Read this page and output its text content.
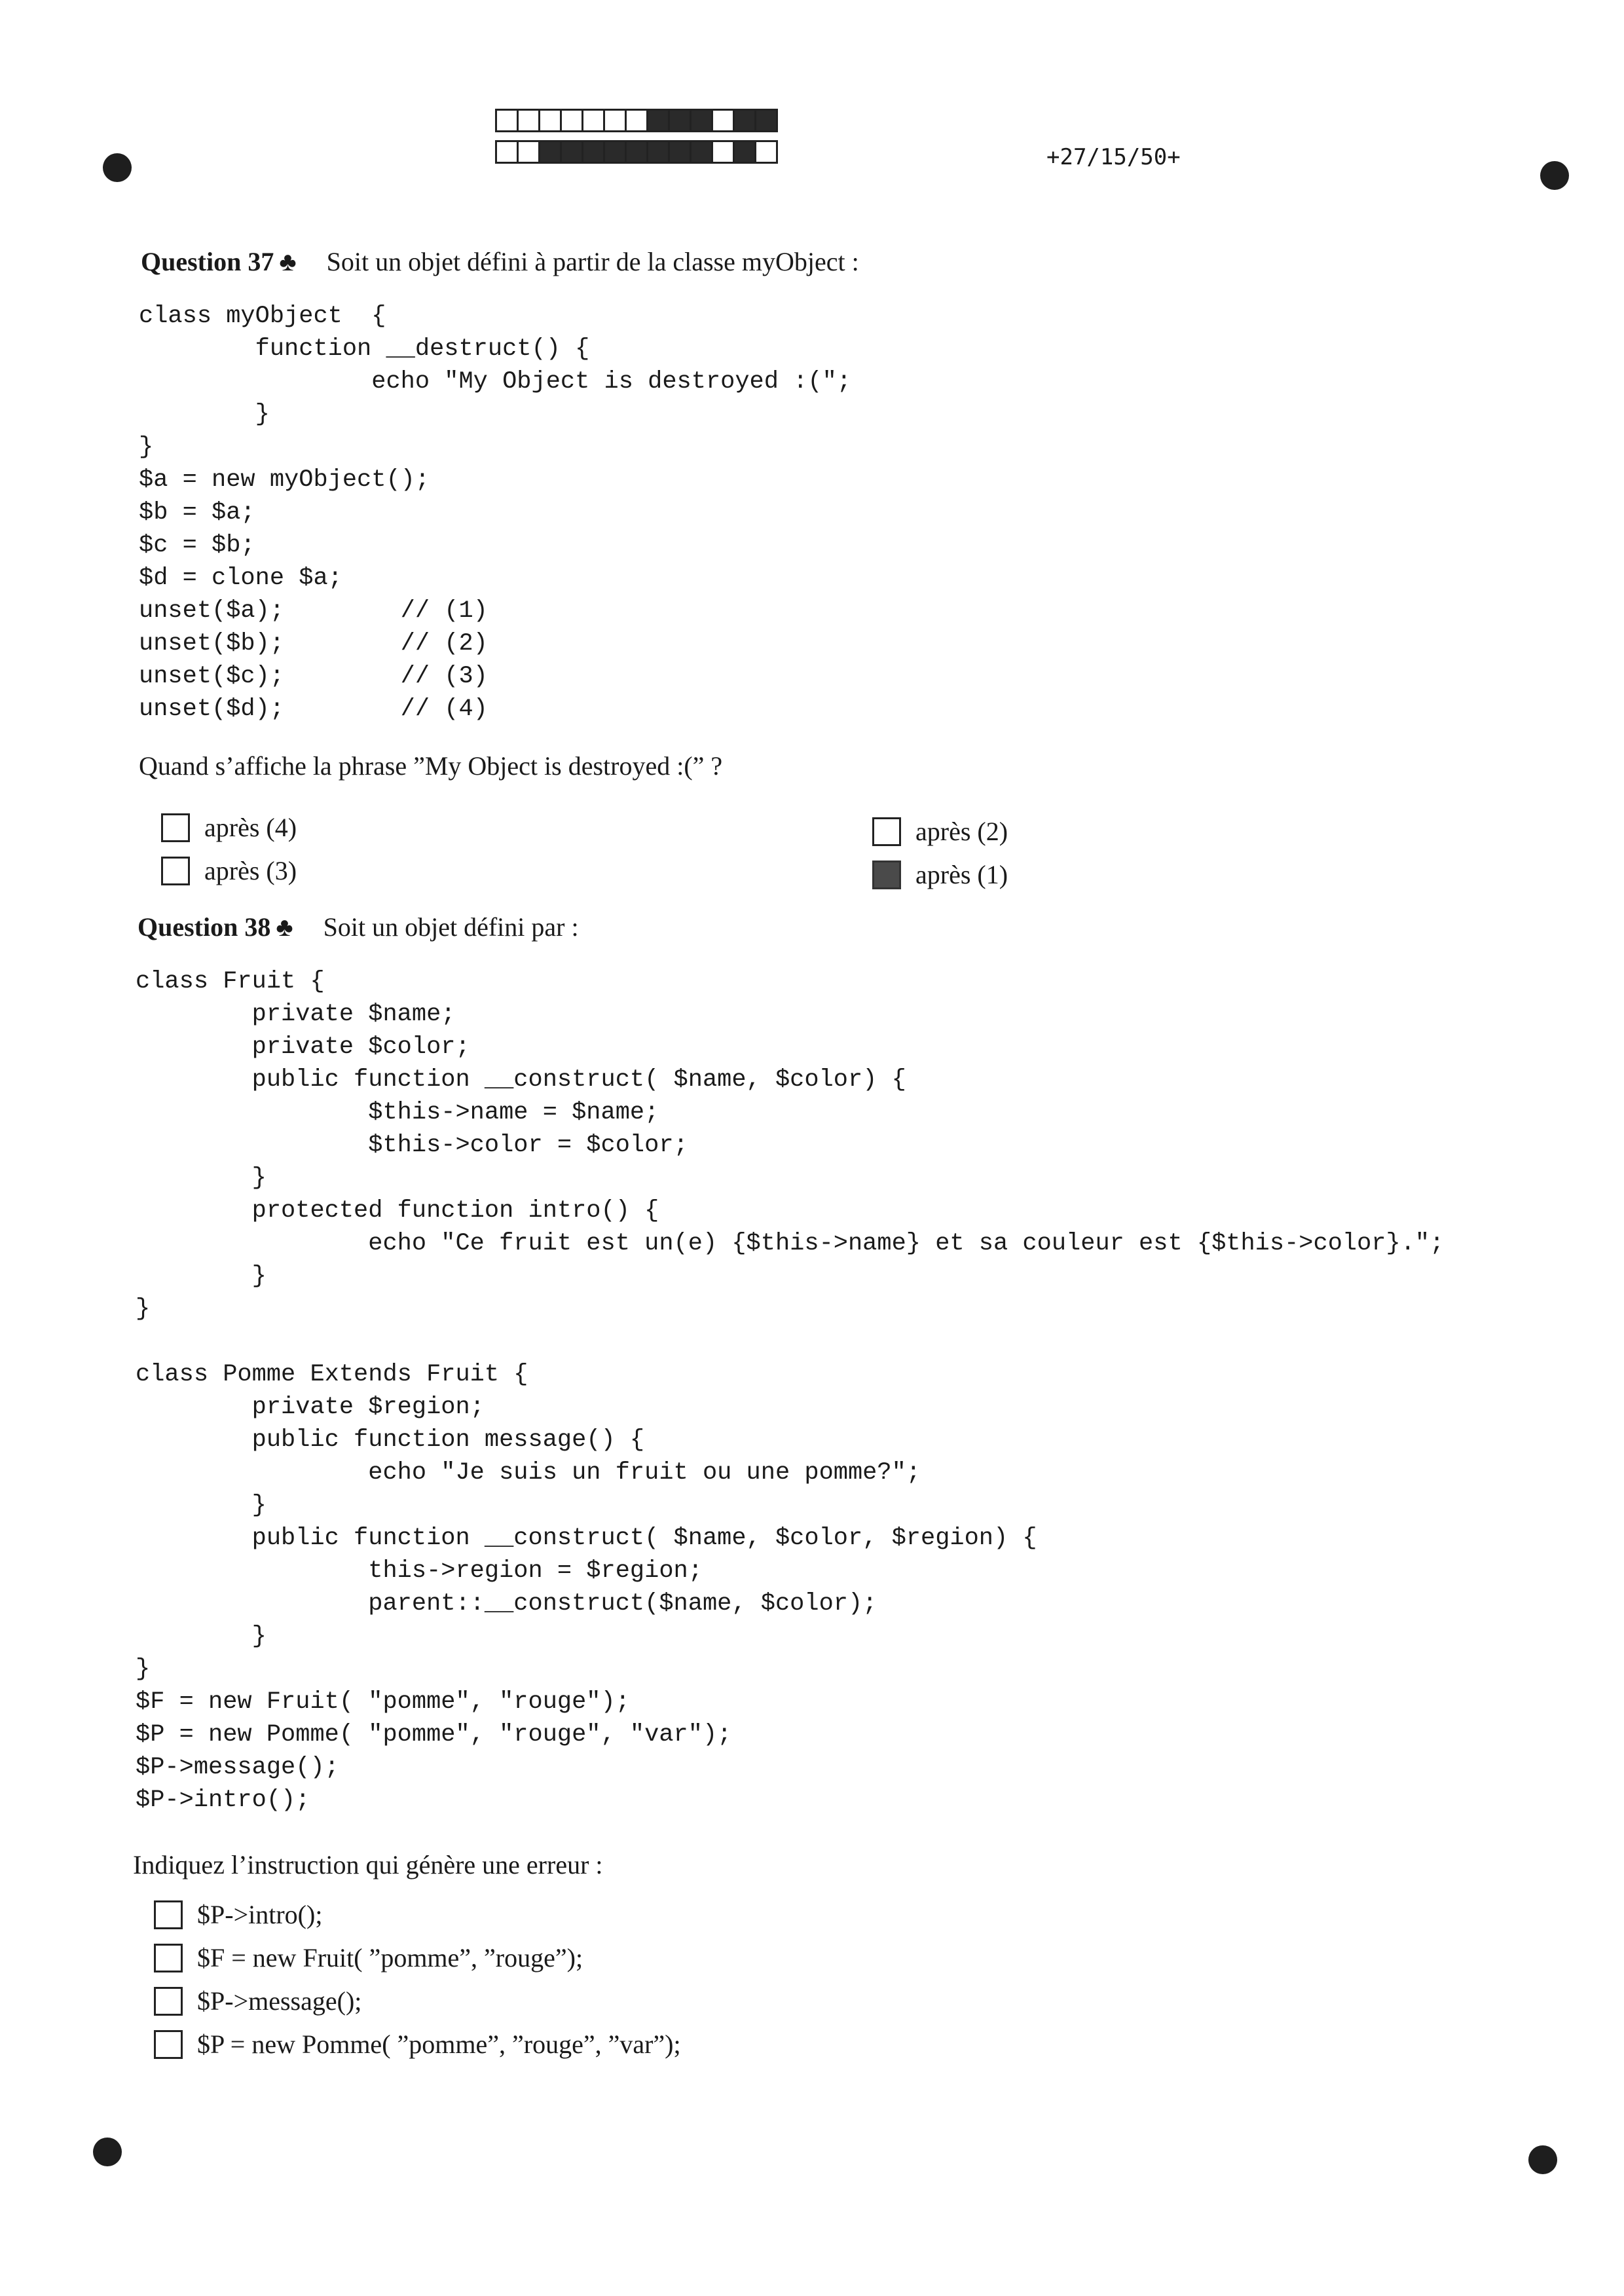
+27/15/50+
Question 37 ♣ Soit un objet défini à partir de la classe myObject :
class myObject  {
function __destruct() {
echo "My Object is destroyed :(";
}
}
$a = new myObject();
$b = $a;
$c = $b;
$d = clone $a;
unset($a);        // (1)
unset($b);        // (2)
unset($c);        // (3)
unset($d);        // (4)
Quand s’affiche la phrase ”My Object is destroyed :(” ?
après (4)
après (3)
après (2)
après (1)
Question 38 ♣ Soit un objet défini par :
class Fruit {
private $name;
private $color;
public function __construct( $name, $color) {
$this->name = $name;
$this->color = $color;
}
protected function intro() {
echo "Ce fruit est un(e) {$this->name} et sa couleur est {$this->color}.";
}
}

class Pomme Extends Fruit {
private $region;
public function message() {
echo "Je suis un fruit ou une pomme?";
}
public function __construct( $name, $color, $region) {
this->region = $region;
parent::__construct($name, $color);
}
}
$F = new Fruit( "pomme", "rouge");
$P = new Pomme( "pomme", "rouge", "var");
$P->message();
$P->intro();
Indiquez l’instruction qui génère une erreur :
$P->intro();
$F = new Fruit( ”pomme”, ”rouge”);
$P->message();
$P = new Pomme( ”pomme”, ”rouge”, ”var”);
